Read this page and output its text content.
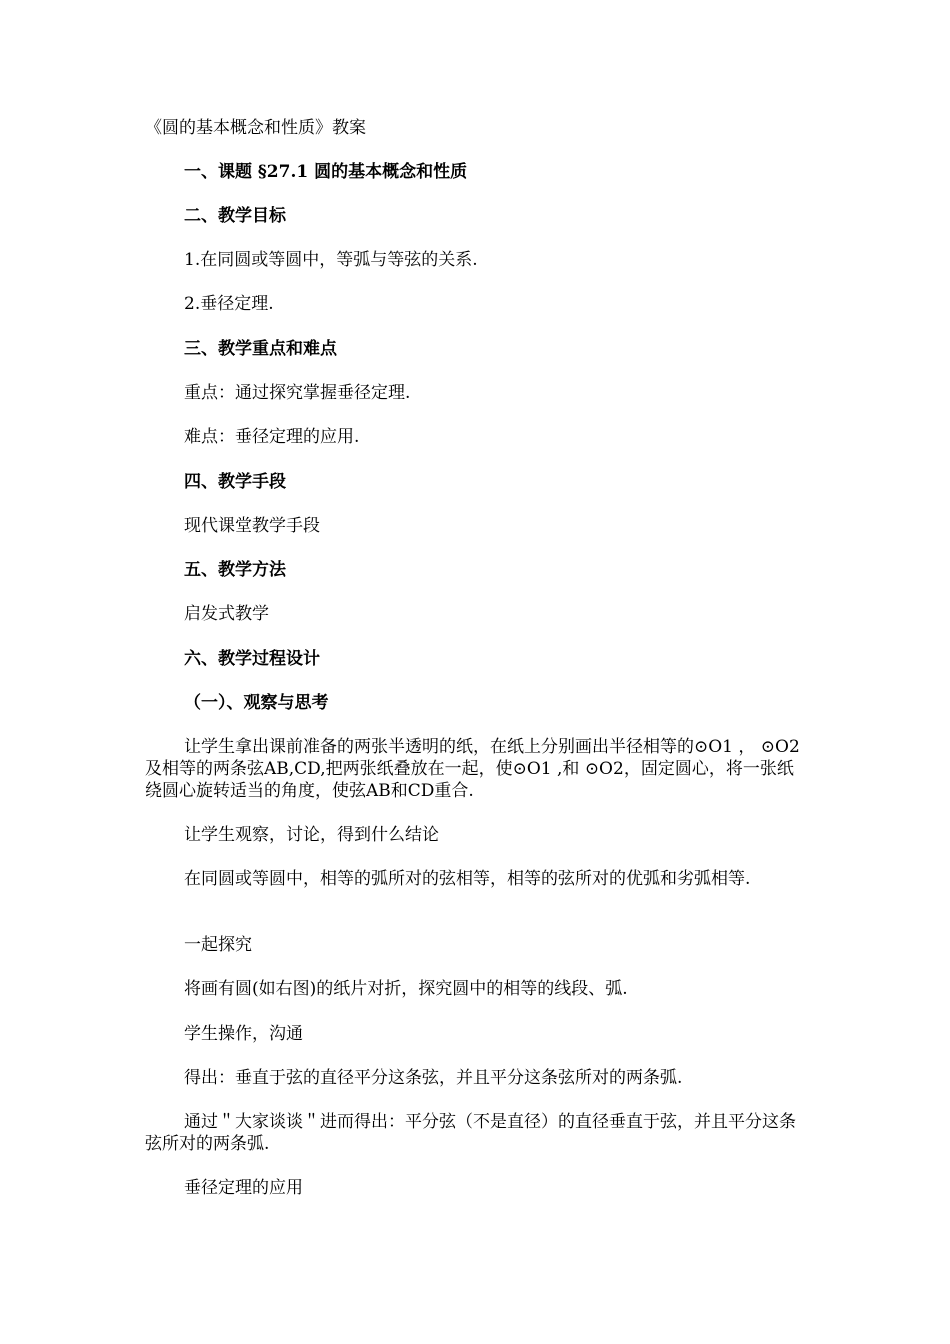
《圆的基本概念和性质》教案
一、课题 §27.1 圆的基本概念和性质
二、教学目标
1.在同圆或等圆中，等弧与等弦的关系.
2.垂径定理.
三、教学重点和难点
重点：通过探究掌握垂径定理.
难点：垂径定理的应用.
四、教学手段
现代课堂教学手段
五、教学方法
启发式教学
六、教学过程设计
（一）、观察与思考
让学生拿出课前准备的两张半透明的纸，在纸上分别画出半径相等的⊙O1 ， ⊙O2及相等的两条弦AB,CD,把两张纸叠放在一起，使⊙O1 ,和 ⊙O2，固定圆心，将一张纸绕圆心旋转适当的角度，使弦AB和CD重合.
让学生观察，讨论，得到什么结论
在同圆或等圆中，相等的弧所对的弦相等，相等的弦所对的优弧和劣弧相等.
一起探究
将画有圆(如右图)的纸片对折，探究圆中的相等的线段、弧.
学生操作，沟通
得出：垂直于弦的直径平分这条弦，并且平分这条弦所对的两条弧.
通过＂大家谈谈＂进而得出：平分弦（不是直径）的直径垂直于弦，并且平分这条弦所对的两条弧.
垂径定理的应用
